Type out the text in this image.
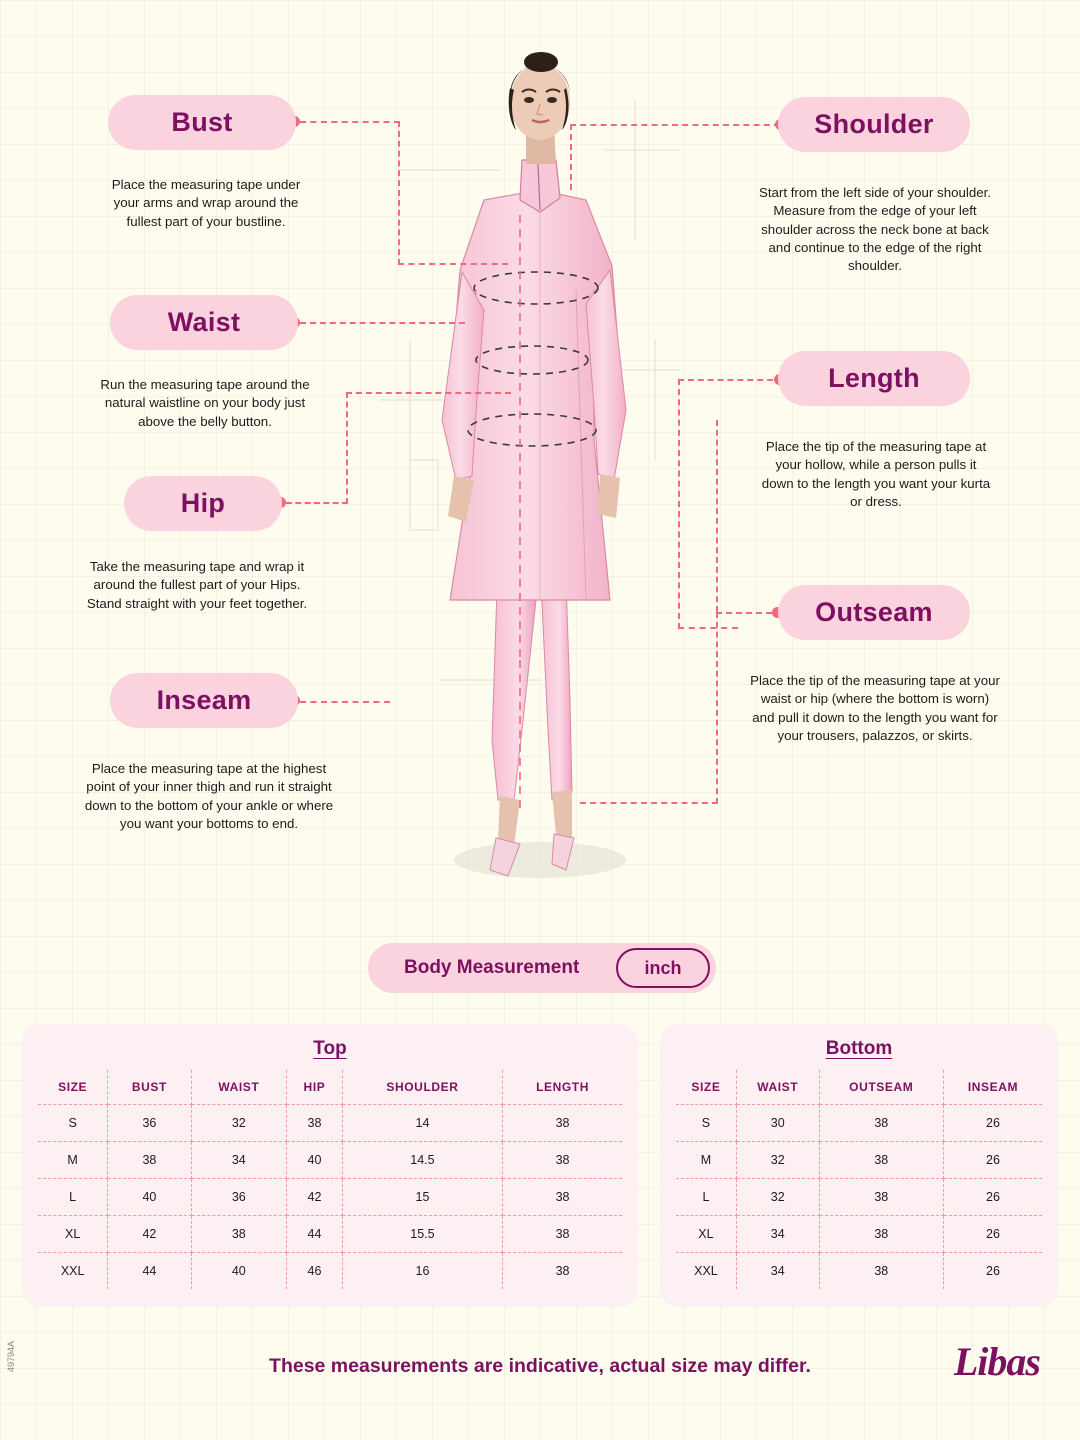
Bust
Place the measuring tape under your arms and wrap around the fullest part of your bustline.
Waist
Run the measuring tape around the natural waistline on your body just above the belly button.
Hip
Take the measuring tape and wrap it around the fullest part of your Hips. Stand straight with your feet together.
Inseam
Place the measuring tape at the highest point of your inner thigh and run it straight down to the bottom of your ankle or where you want your bottoms to end.
Shoulder
Start from the left side of your shoulder. Measure from the edge of your left shoulder across the neck bone at back and continue to the edge of the right shoulder.
Length
Place the tip of the measuring tape at your hollow, while a person pulls it down to the length you want your kurta or dress.
Outseam
Place the tip of the measuring tape at your waist or hip (where the bottom is worn) and pull it down to the length you want for your trousers, palazzos, or skirts.
Body Measurement	inch
Top
SIZE	BUST	WAIST	HIP	SHOULDER	LENGTH
S	36	32	38	14	38
M	38	34	40	14.5	38
L	40	36	42	15	38
XL	42	38	44	15.5	38
XXL	44	40	46	16	38
Bottom
SIZE	WAIST	OUTSEAM	INSEAM
S	30	38	26
M	32	38	26
L	32	38	26
XL	34	38	26
XXL	34	38	26
These measurements are indicative, actual size may differ.	Libas
49794A
